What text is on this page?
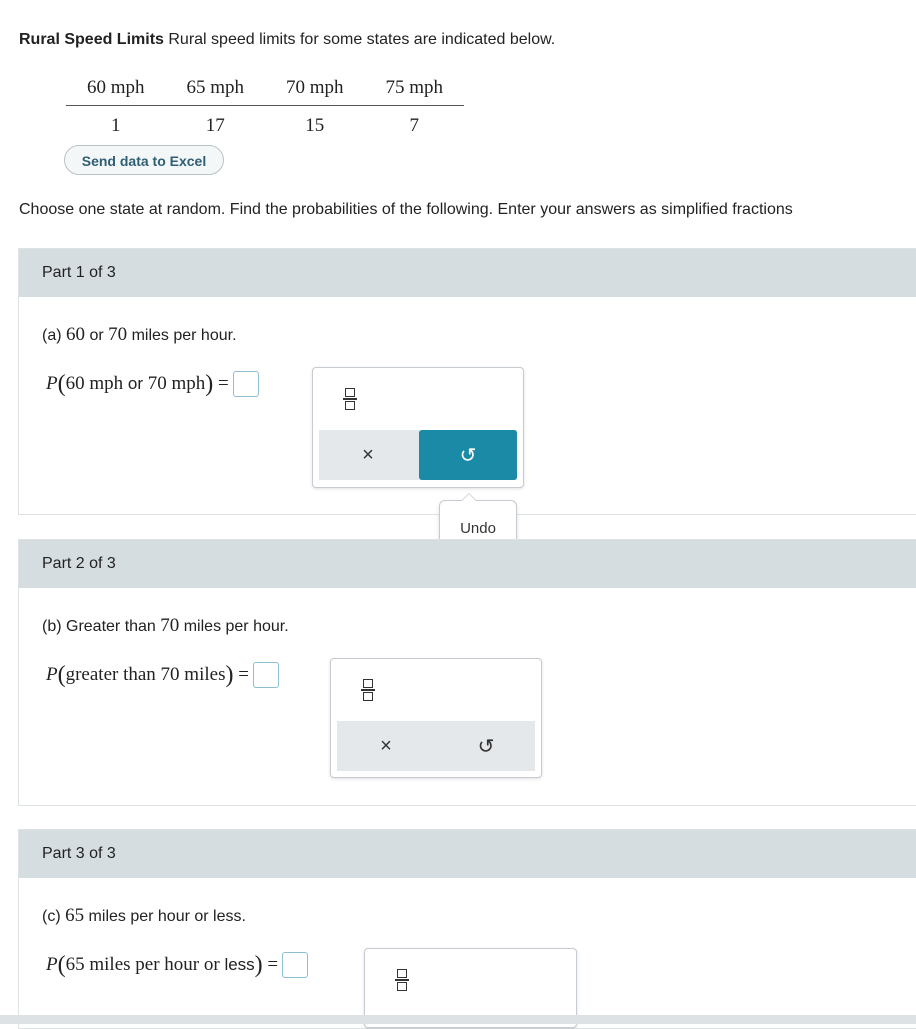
Rural Speed Limits Rural speed limits for some states are indicated below.
60 mph	65 mph	70 mph	75 mph
1	17	15	7
Send data to Excel
Choose one state at random. Find the probabilities of the following. Enter your answers as simplified fractions
Part 1 of 3
(a) 60 or 70 miles per hour.
P ( 60 mph
or
70 mph ) =
×	↺
Undo
Part 2 of 3
(b) Greater than 70 miles per hour.
P ( greater than 70 miles ) =
×	↺
Part 3 of 3
(c) 65 miles per hour or less.
P ( 65 miles per hour or
less ) =
